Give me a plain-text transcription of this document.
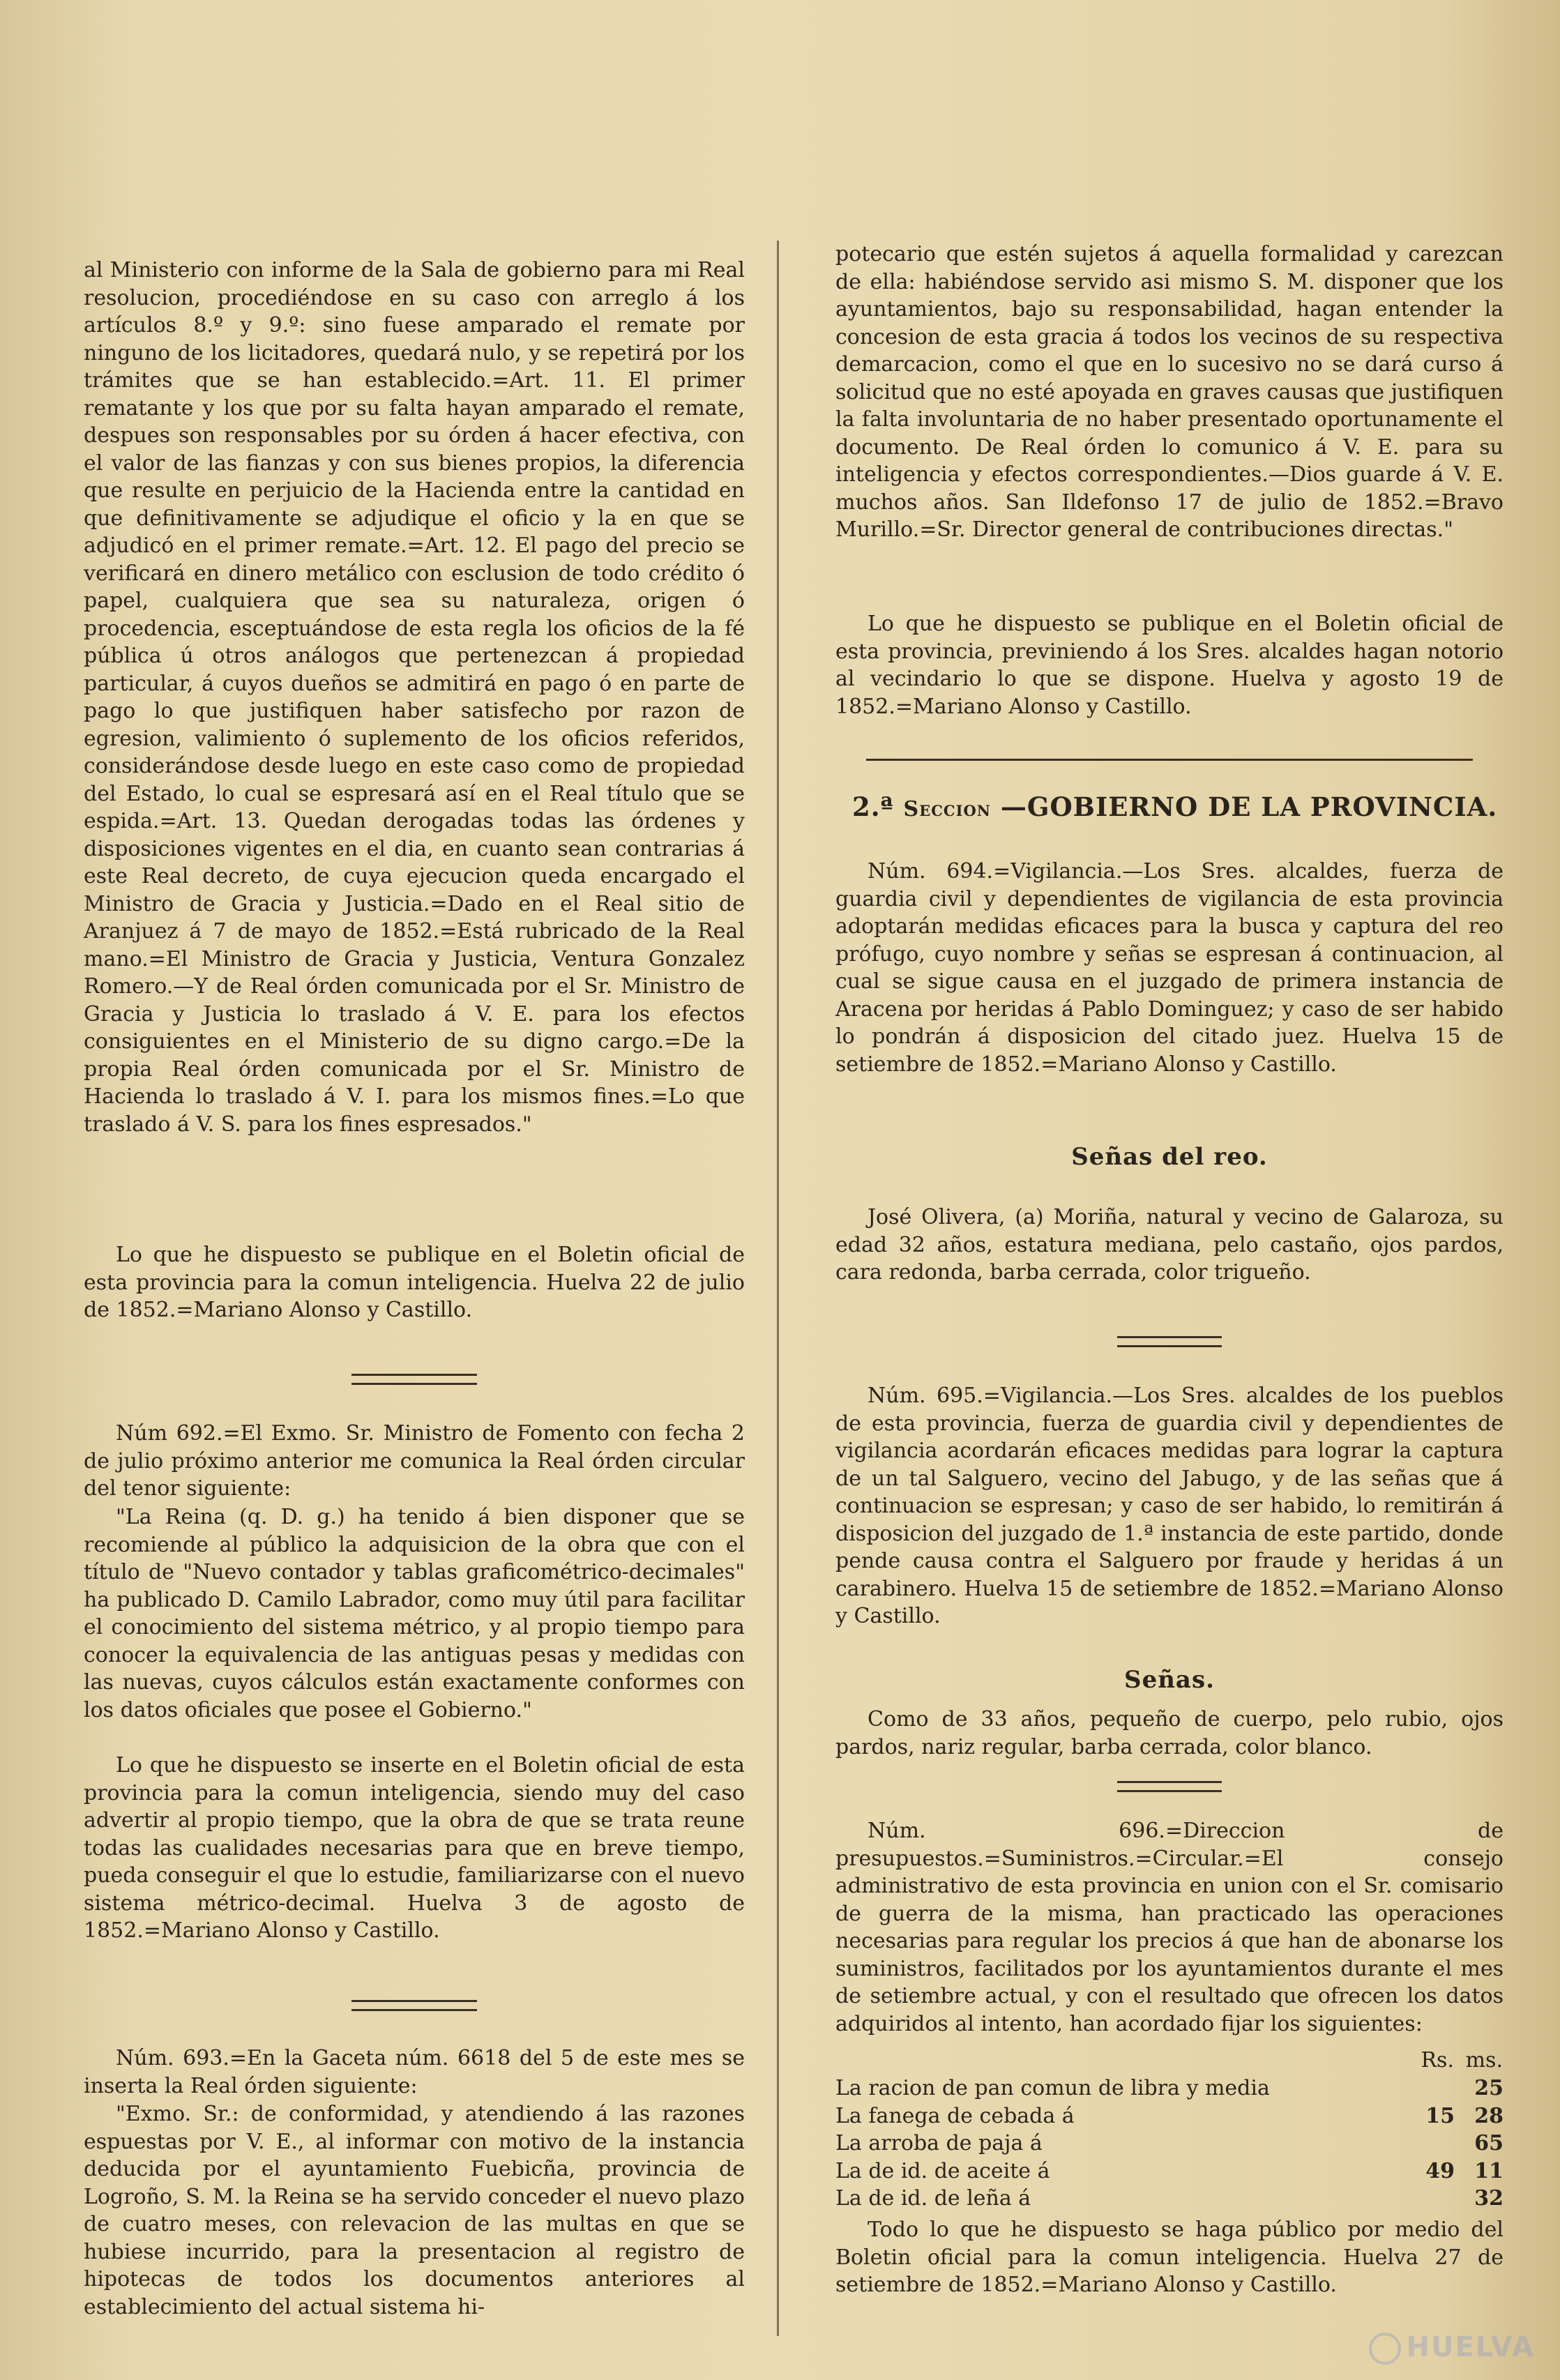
al Ministerio con informe de la Sala de gobierno para mi Real resolucion, procediéndose en su caso con arreglo á los artículos 8.º y 9.º: sino fuese amparado el remate por ninguno de los licitadores, quedará nulo, y se repetirá por los trámites que se han establecido.=Art. 11. El primer rematante y los que por su falta hayan amparado el remate, despues son responsables por su órden á hacer efectiva, con el valor de las fianzas y con sus bienes propios, la diferencia que resulte en perjuicio de la Hacienda entre la cantidad en que definitivamente se adjudique el oficio y la en que se adjudicó en el primer remate.=Art. 12. El pago del precio se verificará en dinero metálico con esclusion de todo crédito ó papel, cualquiera que sea su naturaleza, origen ó procedencia, esceptuándose de esta regla los oficios de la fé pública ú otros análogos que pertenezcan á propiedad particular, á cuyos dueños se admitirá en pago ó en parte de pago lo que justifiquen haber satisfecho por razon de egresion, valimiento ó suplemento de los oficios referidos, considerándose desde luego en este caso como de propiedad del Estado, lo cual se espresará así en el Real título que se espida.=Art. 13. Quedan derogadas todas las órdenes y disposiciones vigentes en el dia, en cuanto sean contrarias á este Real decreto, de cuya ejecucion queda encargado el Ministro de Gracia y Justicia.=Dado en el Real sitio de Aranjuez á 7 de mayo de 1852.=Está rubricado de la Real mano.=El Ministro de Gracia y Justicia, Ventura Gonzalez Romero.—Y de Real órden comunicada por el Sr. Ministro de Gracia y Justicia lo traslado á V. E. para los efectos consiguientes en el Ministerio de su digno cargo.=De la propia Real órden comunicada por el Sr. Ministro de Hacienda lo traslado á V. I. para los mismos fines.=Lo que traslado á V. S. para los fines espresados."

Lo que he dispuesto se publique en el Boletin oficial de esta provincia para la comun inteligencia. Huelva 22 de julio de 1852.=Mariano Alonso y Castillo.

Núm 692.=El Exmo. Sr. Ministro de Fomento con fecha 2 de julio próximo anterior me comunica la Real órden circular del tenor siguiente:

"La Reina (q. D. g.) ha tenido á bien disponer que se recomiende al público la adquisicion de la obra que con el título de "Nuevo contador y tablas graficométrico-decimales" ha publicado D. Camilo Labrador, como muy útil para facilitar el conocimiento del sistema métrico, y al propio tiempo para conocer la equivalencia de las antiguas pesas y medidas con las nuevas, cuyos cálculos están exactamente conformes con los datos oficiales que posee el Gobierno."

Lo que he dispuesto se inserte en el Boletin oficial de esta provincia para la comun inteligencia, siendo muy del caso advertir al propio tiempo, que la obra de que se trata reune todas las cualidades necesarias para que en breve tiempo, pueda conseguir el que lo estudie, familiarizarse con el nuevo sistema métrico-decimal. Huelva 3 de agosto de 1852.=Mariano Alonso y Castillo.

Núm. 693.=En la Gaceta núm. 6618 del 5 de este mes se inserta la Real órden siguiente:

"Exmo. Sr.: de conformidad, y atendiendo á las razones espuestas por V. E., al informar con motivo de la instancia deducida por el ayuntamiento Fuebicña, provincia de Logroño, S. M. la Reina se ha servido conceder el nuevo plazo de cuatro meses, con relevacion de las multas en que se hubiese incurrido, para la presentacion al registro de hipotecas de todos los documentos anteriores al establecimiento del actual sistema hi-

potecario que estén sujetos á aquella formalidad y carezcan de ella: habiéndose servido asi mismo S. M. disponer que los ayuntamientos, bajo su responsabilidad, hagan entender la concesion de esta gracia á todos los vecinos de su respectiva demarcacion, como el que en lo sucesivo no se dará curso á solicitud que no esté apoyada en graves causas que justifiquen la falta involuntaria de no haber presentado oportunamente el documento. De Real órden lo comunico á V. E. para su inteligencia y efectos correspondientes.—Dios guarde á V. E. muchos años. San Ildefonso 17 de julio de 1852.=Bravo Murillo.=Sr. Director general de contribuciones directas."

Lo que he dispuesto se publique en el Boletin oficial de esta provincia, previniendo á los Sres. alcaldes hagan notorio al vecindario lo que se dispone. Huelva y agosto 19 de 1852.=Mariano Alonso y Castillo.

2.ª Seccion —GOBIERNO DE LA PROVINCIA.

Núm. 694.=Vigilancia.—Los Sres. alcaldes, fuerza de guardia civil y dependientes de vigilancia de esta provincia adoptarán medidas eficaces para la busca y captura del reo prófugo, cuyo nombre y señas se espresan á continuacion, al cual se sigue causa en el juzgado de primera instancia de Aracena por heridas á Pablo Dominguez; y caso de ser habido lo pondrán á disposicion del citado juez. Huelva 15 de setiembre de 1852.=Mariano Alonso y Castillo.

Señas del reo.

José Olivera, (a) Moriña, natural y vecino de Galaroza, su edad 32 años, estatura mediana, pelo castaño, ojos pardos, cara redonda, barba cerrada, color trigueño.

Núm. 695.=Vigilancia.—Los Sres. alcaldes de los pueblos de esta provincia, fuerza de guardia civil y dependientes de vigilancia acordarán eficaces medidas para lograr la captura de un tal Salguero, vecino del Jabugo, y de las señas que á continuacion se espresan; y caso de ser habido, lo remitirán á disposicion del juzgado de 1.ª instancia de este partido, donde pende causa contra el Salguero por fraude y heridas á un carabinero. Huelva 15 de setiembre de 1852.=Mariano Alonso y Castillo.

Señas.

Como de 33 años, pequeño de cuerpo, pelo rubio, ojos pardos, nariz regular, barba cerrada, color blanco.

Núm. 696.=Direccion de presupuestos.=Suministros.=Circular.=El consejo administrativo de esta provincia en union con el Sr. comisario de guerra de la misma, han practicado las operaciones necesarias para regular los precios á que han de abonarse los suministros, facilitados por los ayuntamientos durante el mes de setiembre actual, y con el resultado que ofrecen los datos adquiridos al intento, han acordado fijar los siguientes:

	Rs.	ms.
La racion de pan comun de libra y media		25
La fanega de cebada á	15	28
La arroba de paja á		65
La de id. de aceite á	49	11
La de id. de leña á		32

Todo lo que he dispuesto se haga público por medio del Boletin oficial para la comun inteligencia. Huelva 27 de setiembre de 1852.=Mariano Alonso y Castillo.

HUELVA
